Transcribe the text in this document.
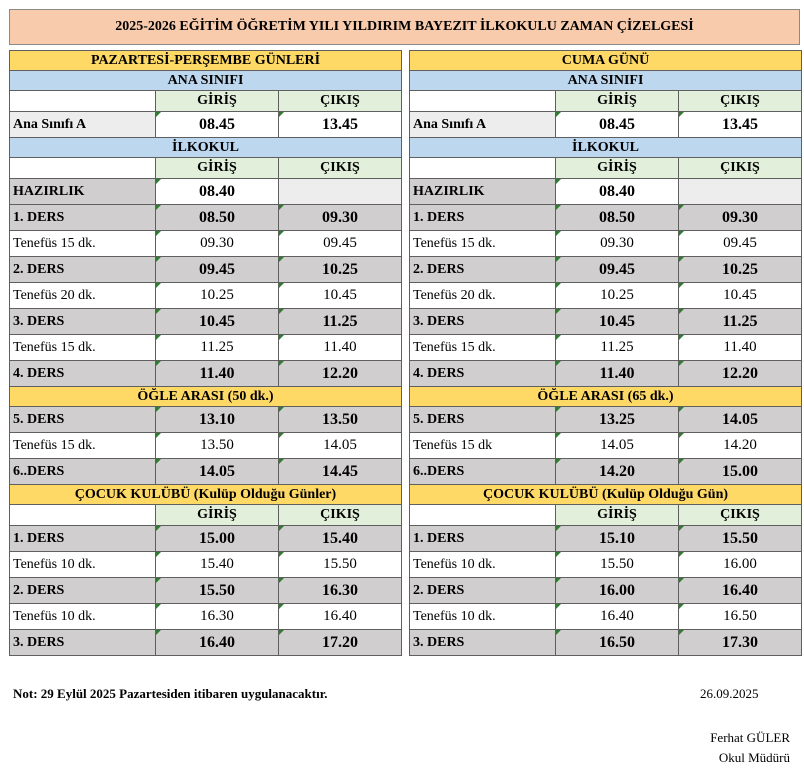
2025-2026 EĞİTİM ÖĞRETİM YILI YILDIRIM BAYEZIT İLKOKULU ZAMAN ÇİZELGESİ
PAZARTESİ-PERŞEMBE GÜNLERİ		
ANA SINIFI		
	GİRİŞ	ÇIKIŞ
Ana Sınıfı A	08.45	13.45
İLKOKUL		
	GİRİŞ	ÇIKIŞ
HAZIRLIK	08.40	
1. DERS	08.50	09.30
Tenefüs 15 dk.	09.30	09.45
2. DERS	09.45	10.25
Tenefüs 20 dk.	10.25	10.45
3. DERS	10.45	11.25
Tenefüs 15 dk.	11.25	11.40
4. DERS	11.40	12.20
ÖĞLE ARASI (50 dk.)		
5. DERS	13.10	13.50
Tenefüs 15 dk.	13.50	14.05
6..DERS	14.05	14.45
ÇOCUK KULÜBÜ (Kulüp Olduğu Günler)		
	GİRİŞ	ÇIKIŞ
1. DERS	15.00	15.40
Tenefüs 10 dk.	15.40	15.50
2. DERS	15.50	16.30
Tenefüs 10 dk.	16.30	16.40
3. DERS	16.40	17.20
CUMA GÜNÜ		
ANA SINIFI		
	GİRİŞ	ÇIKIŞ
Ana Sınıfı A	08.45	13.45
İLKOKUL		
	GİRİŞ	ÇIKIŞ
HAZIRLIK	08.40	
1. DERS	08.50	09.30
Tenefüs 15 dk.	09.30	09.45
2. DERS	09.45	10.25
Tenefüs 20 dk.	10.25	10.45
3. DERS	10.45	11.25
Tenefüs 15 dk.	11.25	11.40
4. DERS	11.40	12.20
ÖĞLE ARASI (65 dk.)		
5. DERS	13.25	14.05
Tenefüs 15 dk	14.05	14.20
6..DERS	14.20	15.00
ÇOCUK KULÜBÜ (Kulüp Olduğu Gün)		
	GİRİŞ	ÇIKIŞ
1. DERS	15.10	15.50
Tenefüs 10 dk.	15.50	16.00
2. DERS	16.00	16.40
Tenefüs 10 dk.	16.40	16.50
3. DERS	16.50	17.30
Not: 29 Eylül 2025 Pazartesiden itibaren uygulanacaktır.	26.09.2025
Ferhat GÜLER
Okul Müdürü
